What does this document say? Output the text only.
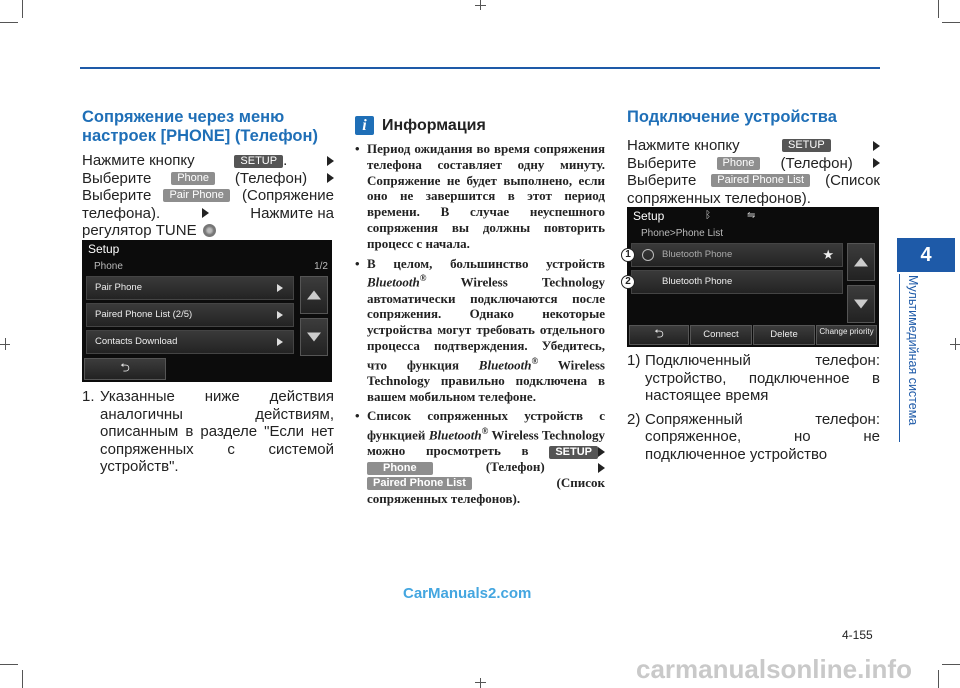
Сопряжение через меню настроек [PHONE] (Телефон)
Нажмите кнопку	SETUP .
Выберите	Phone	(Телефон)
Выберите	Pair Phone	(Сопряжение
телефона).	Нажмите на
регулятор TUNE
Setup
Phone	1/2
Pair Phone
Paired Phone List (2/5)
Contacts Download
⮌
1. Указанные ниже действия аналогичны действиям, описанным в разделе "Если нет сопряженных с системой устройств".
i Информация
• Период ожидания во время сопряжения телефона составляет одну минуту. Сопряжение не будет выполнено, если оно не завершится в этот период времени. В случае неуспешного сопряжения вы должны повторить процесс с начала.
• В целом, большинство устройств Bluetooth®	Wireless Technology автоматически подключаются после сопряжения. Однако некоторые устройства могут требовать отдельного процесса подтверждения. Убедитесь, что функция Bluetooth® Wireless Technology правильно подключена в вашем мобильном телефоне.
• Список сопряженных устройств с функцией Bluetooth® Wireless Technology можно просмотреть в SETUP Phone	(Телефон)  Paired Phone List	(Список сопряженных телефонов).
Подключение устройства
Нажмите кнопку	SETUP
Выберите	Phone	(Телефон)
Выберите	Paired Phone List	(Список
сопряженных телефонов).
Setup	ᛒ	⇋
Phone>Phone List
Bluetooth Phone	★
Bluetooth Phone
⮌	Connect	Delete	Change priority
1
2
1) Подключенный телефон: устройство, подключенное в настоящее время
2) Сопряженный телефон: сопряженное, но не подключенное устройство
4
Мультимедийная система
4-155
CarManuals2.com
carmanualsonline.info
